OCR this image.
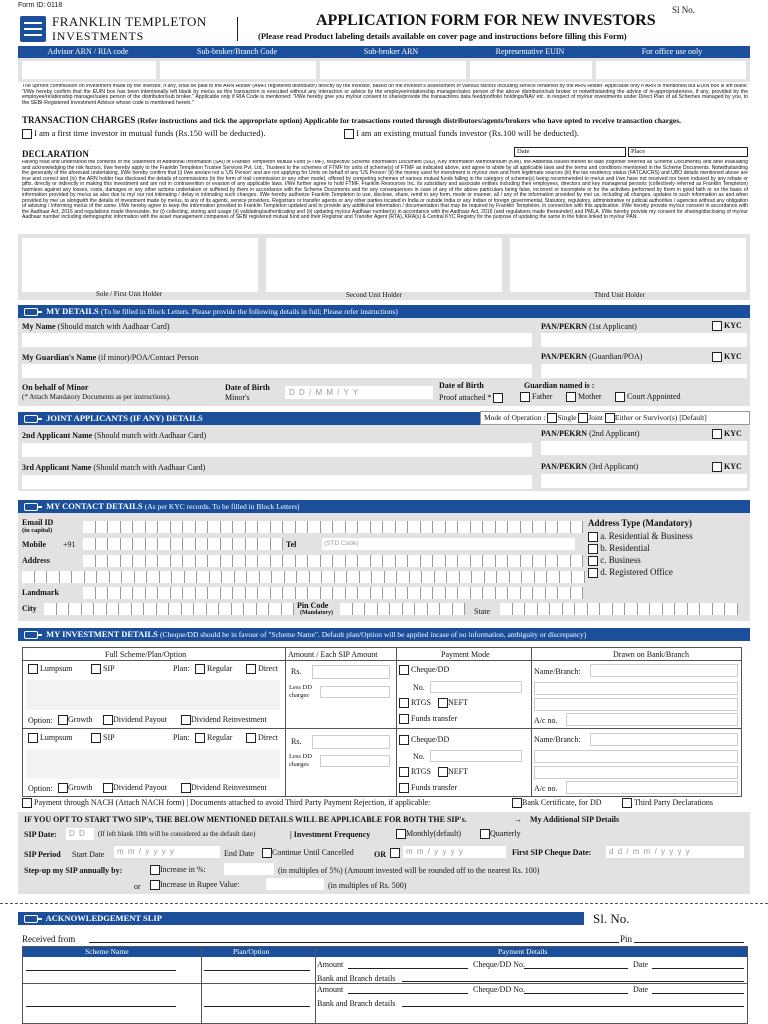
Form ID: 0118
FRANKLIN TEMPLETON
INVESTMENTS
APPLICATION FORM FOR NEW INVESTORS
(Please read Product labeling details available on cover page and instructions before filling this Form)
Sl No.
Advisor ARN / RIA code	Sub-broker/Branch Code	Sub-broker ARN	Representative EUIN	For office use only
The upfront commission on investment made by the investor, if any, shall be paid to the ARN Holder (AMFI registered distributor) directly by the investor, based on the investor's assessment of various factors including service rendered by the ARN Holder. Applicable only if ARN is mentioned but EUIN box is left blank: "I/We hereby confirm that the EUIN box has been intentionally left blank by me/us as this transaction is executed without any interaction or advice by the employee/relationship manager/sales person of the above distributor/sub broker or notwithstanding the advice of in-appropriateness, if any, provided by the employee/relationship manager/sales person of the distributor/sub broker." Applicable only if RIA Code is mentioned: "I/We hereby give you my/our consent to share/provide the transactions data feed/portfolio holdings/NAV etc. in respect of my/our investments under Direct Plan of all Schemes managed by you, to the SEBI-Registered Investment Advisor whose code is mentioned herein."
TRANSACTION CHARGES (Refer instructions and tick the appropriate option) Applicable for transactions routed through distributors/agents/brokers who have opted to receive transaction charges.
I am a first time investor in mutual funds (Rs.150 will be deducted).	I am an existing mutual funds investor (Rs.100 will be deducted).
DECLARATION	Date	Place
Having read and understood the contents of the Statement of Additional Information (SAI) of Franklin Templeton Mutual Fund (FTMF), respective Scheme Information Document (SID), Key Information Memorandum (KIM), the Addenda issued thereto till date (together referred as Scheme Documents) and after evaluating and acknowledging the risk factors, I/we hereby apply to the Franklin Templeton Trustee Services Pvt. Ltd., Trustees to the schemes of FTMF for units of scheme(s) of FTMF as indicated above, and agree to abide by all applicable laws and the terms and conditions mentioned in the Scheme Documents. Notwithstanding the generality of the aforesaid undertaking, I/We hereby confirm that (i) I/we are/are not a 'US Person' and are not applying for Units on behalf of any 'US Person' (ii) the money used for investment is my/our own and from legitimate sources (iii) the tax residency status (FATCA/CRS) and UBO details mentioned above are true and correct and (iv) the ARN holder has disclosed the details of commissions (in the form of trail commission or any other mode), offered by competing schemes of various mutual funds falling in the category of scheme(s) being recommended to me/us and I/we have not received nor been induced by any rebate or gifts, directly or indirectly in making this investment and are not in contravention or evasion of any applicable laws. I/We further agree to hold FTMF, Franklin Resources Inc. its subsidiary and associate entities including their employees, directors and key managerial persons (collectively referred as Franklin Templeton) harmless against any losses, costs, damages or any other actions undertaken or suffered by them in accordance with the Scheme Documents and for any consequences in case of any of the above particulars being false, incorrect or incomplete or for the activities performed by them in good faith or on the basis of information provided by me/us as also due to my/ our not intimating / delay in intimating such changes. I/We hereby authorize Franklin Templeton to use, disclose, share, remit in any form, mode or manner, all / any of the information provided by me/ us, including all changes, updates to such information as and when provided by me/ us alongwith the details of investment made by me/us, to any of its agents, service providers, Registrars or transfer agents or any other parties located in India or outside India or any Indian or foreign governmental, Statutory, regulatory, administrative or judicial authorities / agencies without any obligation of advising / informing me/us of the same. I/We hereby agree to keep the information provided to Franklin Templeton updated and to provide any additional information / documentation that may be required by Franklin Templeton, in connection with this application. I/We hereby provide my/our consent in accordance with the Aadhaar Act, 2016 and regulations made thereunder, for (i) collecting, storing and usage (ii) validating/authenticating and (ii) updating my/our Aadhaar number(s) in accordance with the Aadhaar Act, 2016 (and regulations made thereunder) and PMLA. I/We hereby provide my consent for sharing/disclosing of my/our Aadhaar number including demographic information with the asset management companies of SEBI registered mutual fund and their Registrar and Transfer Agent (RTA), KRA(s) & Central KYC Registry for the purpose of updating the same in the folios linked to my/our PAN.
Sole / First Unit Holder	Second Unit Holder	Third Unit Holder
MY DETAILS (To be filled in Block Letters. Please provide the following details in full; Please refer instructions)
My Name (Should match with Aadhaar Card)	PAN/PEKRN (1st Applicant)	KYC
My Guardian's Name (if minor)/POA/Contact Person	PAN/PEKRN (Guardian/POA)	KYC
On behalf of Minor
(* Attach Mandatory Documents as per instructions).
Date of Birth
Minor's
D D / M M / Y Y
Date of Birth
Proof attached *
Guardian named is :
Father	Mother	Court Appointed
JOINT APPLICANTS (IF ANY) DETAILS	Mode of Operation : Single Joint Either or Survivor(s) [Default]
2nd Applicant Name (Should match with Aadhaar Card)	PAN/PEKRN (2nd Applicant)	KYC
3rd Applicant Name (Should match with Aadhaar Card)	PAN/PEKRN (3rd Applicant)	KYC
MY CONTACT DETAILS (As per KYC records. To be filled in Block Letters)
Email ID
(in capital)
Mobile +91	Tel	(STD Code)
Address
Landmark
City	Pin Code
(Mandatory)	State
Address Type (Mandatory)
a. Residential & Business
b. Residential
c. Business
d. Registered Office
MY INVESTMENT DETAILS (Cheque/DD should be in favour of "Scheme Name". Default plan/Option will be applied incase of no information, ambiguity or discrepancy)
Full Scheme/Plan/Option	Amount / Each SIP Amount	Payment Mode	Drawn on Bank/Branch
Lumpsum	SIP	Plan:	Regular	Direct
Option:	Growth	Dividend Payout	Dividend Reinvestment
Rs.
Less DD charges
Cheque/DD
No.
RTGS	NEFT
Funds transfer
Name/Branch:
A/c no.
Lumpsum	SIP	Plan:	Regular	Direct
Option:	Growth	Dividend Payout	Dividend Reinvestment
Rs.
Less DD charges
Cheque/DD
No.
RTGS	NEFT
Funds transfer
Name/Branch:
A/c no.
Payment through NACH (Attach NACH form) | Documents attached to avoid Third Party Payment Rejection, if applicable:	Bank Certificate, for DD	Third Party Declarations
IF YOU OPT TO START TWO SIP's, THE BELOW MENTIONED DETAILS WILL BE APPLICABLE FOR BOTH THE SIP's.	→    My Additional SIP Details
SIP Date:	D D	(If left blank 10th will be considered as the default date)	| Investment Frequency	Monthly(default)	Quarterly
SIP Period Start Date	m m / y y y y	End Date	Continue Until Cancelled	OR	m m / y y y y	First SIP Cheque Date:	d d / m m / y y y y
Step-up my SIP annually by:	Increase in %:	(in multiples of 5%) (Amount invested will be rounded off to the nearest Rs. 100)
or	Increase in Rupee Value:	(in multiples of Rs. 500)
ACKNOWLEDGEMENT SLIP	Sl. No.
Received from	Pin
Scheme Name	Plan/Option	Payment Details
Amount	Cheque/DD No.	Date
Bank and Branch details
Amount	Cheque/DD No.	Date
Bank and Branch details
